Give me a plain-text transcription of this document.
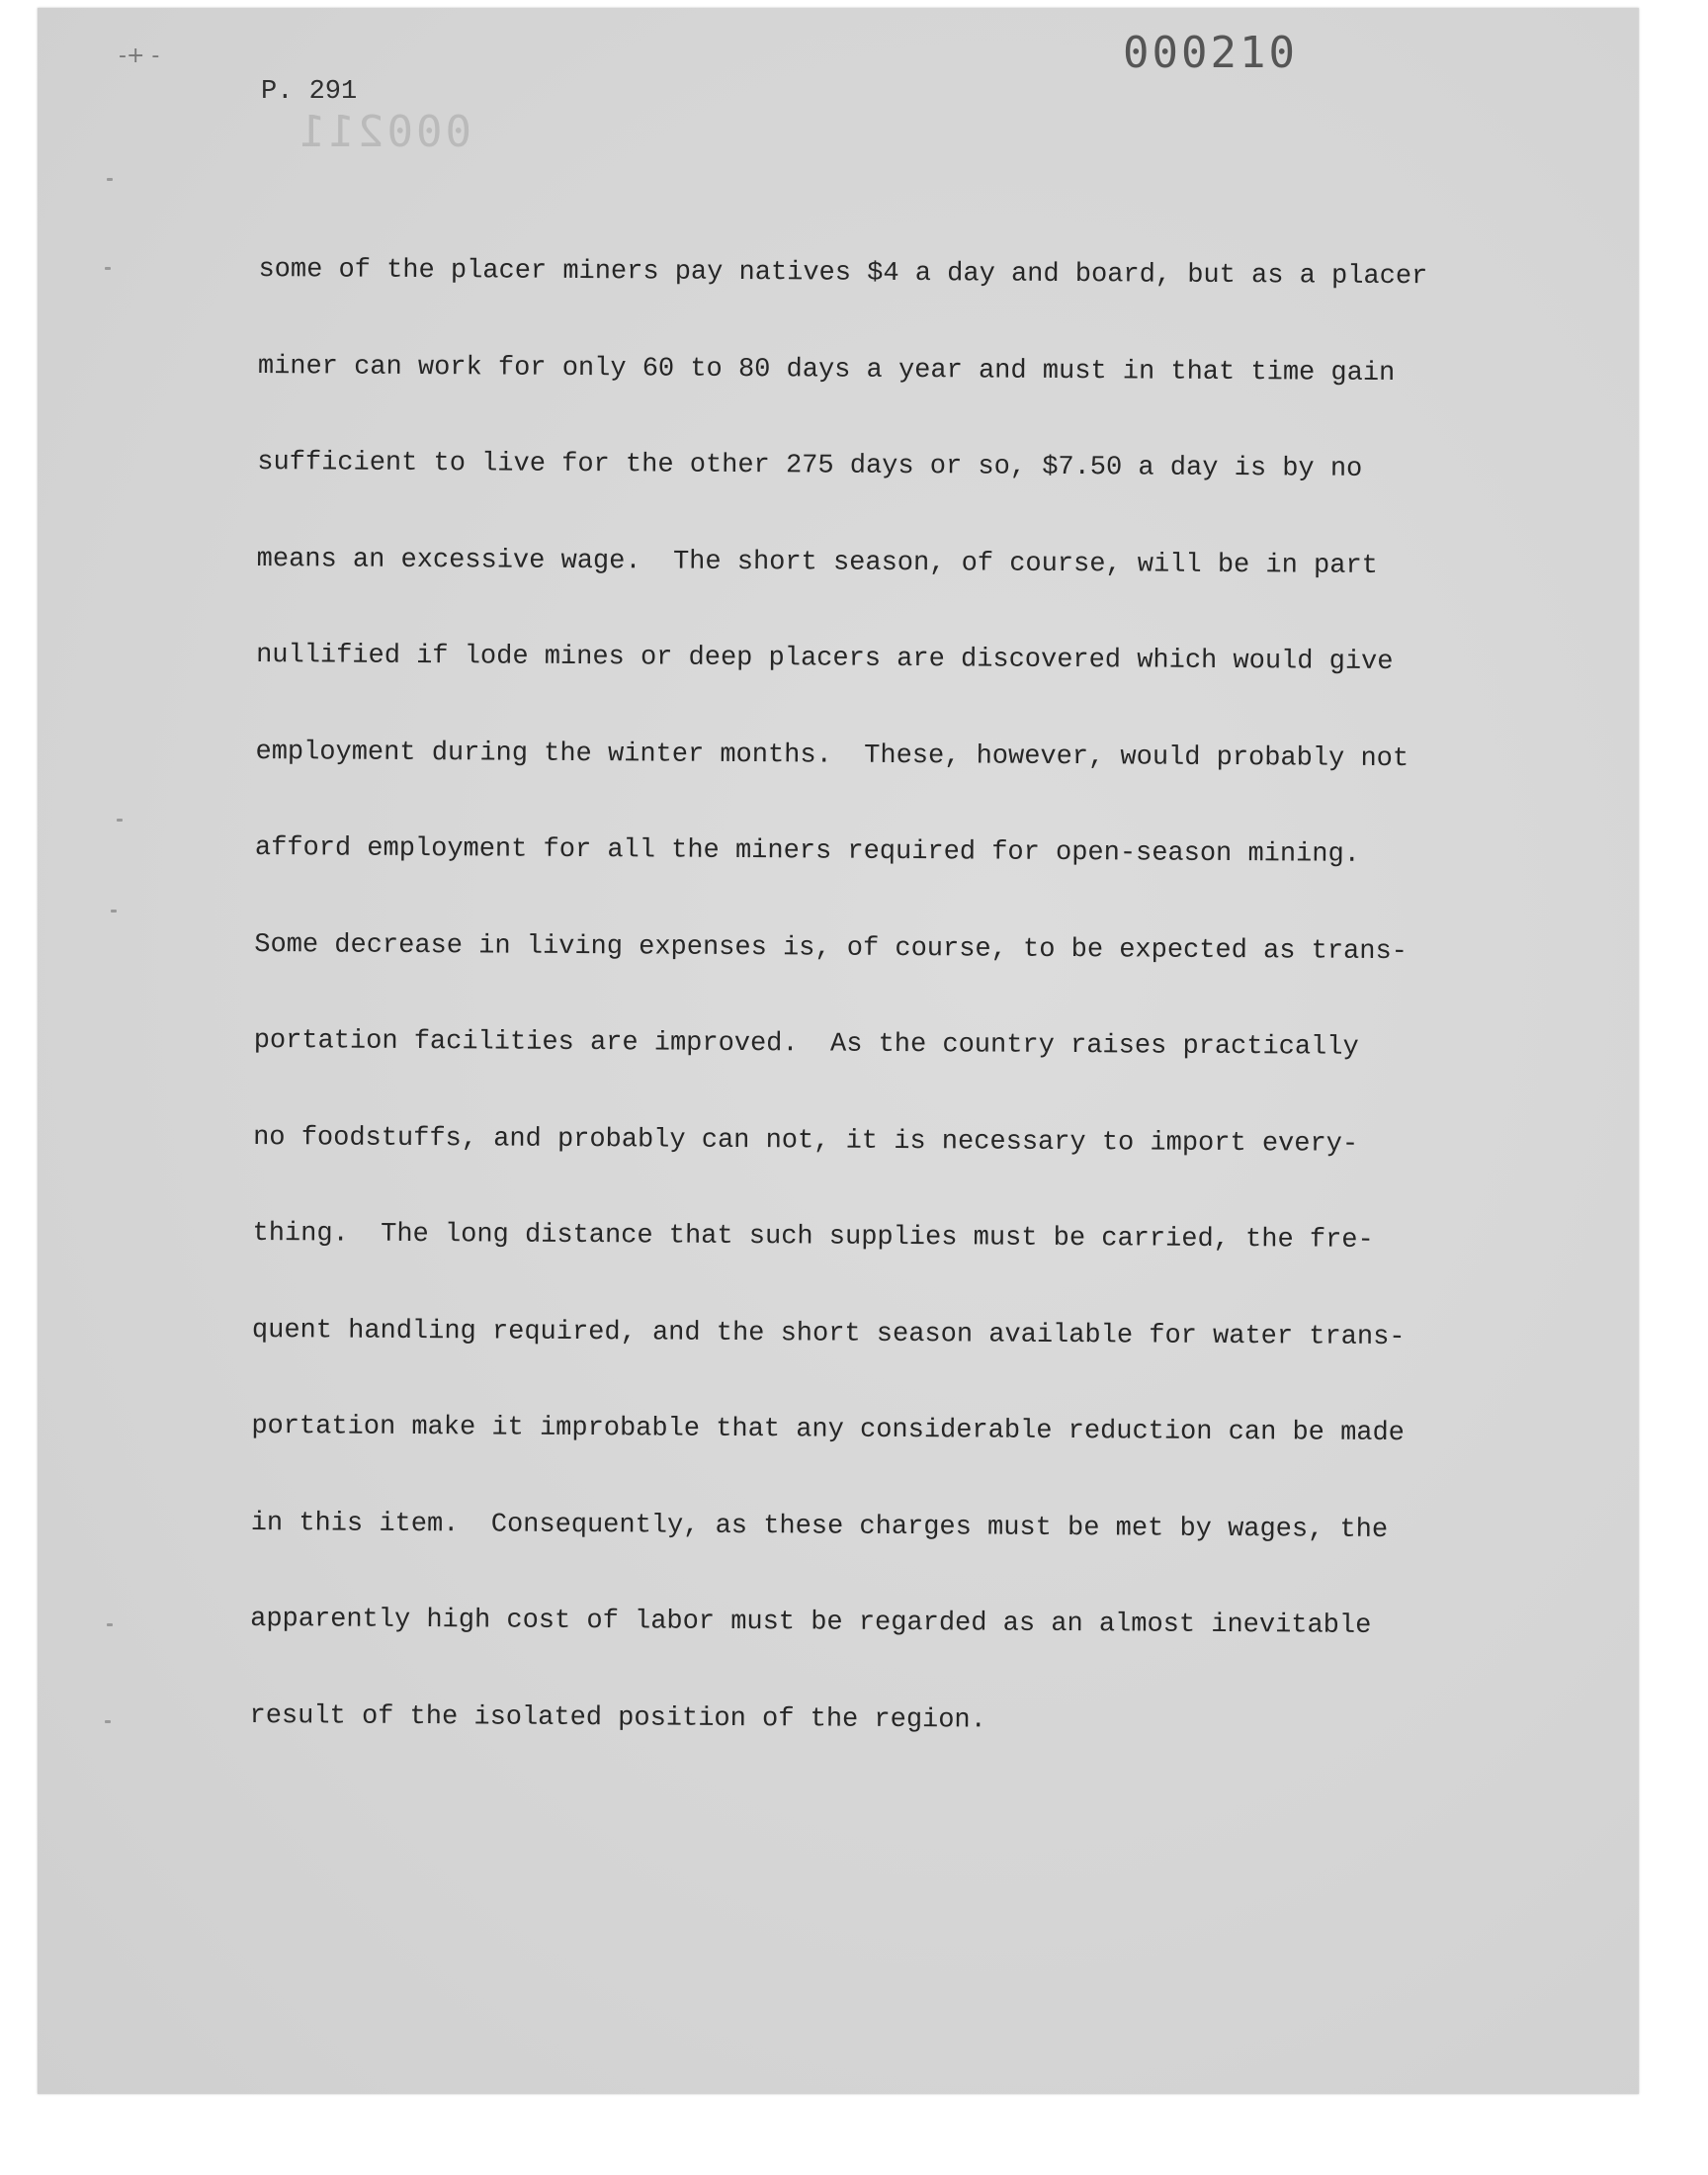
-+ -	000210
000211
P. 291

some of the placer miners pay natives $4 a day and board, but as a placer

miner can work for only 60 to 80 days a year and must in that time gain

sufficient to live for the other 275 days or so, $7.50 a day is by no

means an excessive wage.  The short season, of course, will be in part

nullified if lode mines or deep placers are discovered which would give

employment during the winter months.  These, however, would probably not

afford employment for all the miners required for open-season mining.

Some decrease in living expenses is, of course, to be expected as trans-

portation facilities are improved.  As the country raises practically

no foodstuffs, and probably can not, it is necessary to import every-

thing.  The long distance that such supplies must be carried, the fre-

quent handling required, and the short season available for water trans-

portation make it improbable that any considerable reduction can be made

in this item.  Consequently, as these charges must be met by wages, the

apparently high cost of labor must be regarded as an almost inevitable

result of the isolated position of the region.
